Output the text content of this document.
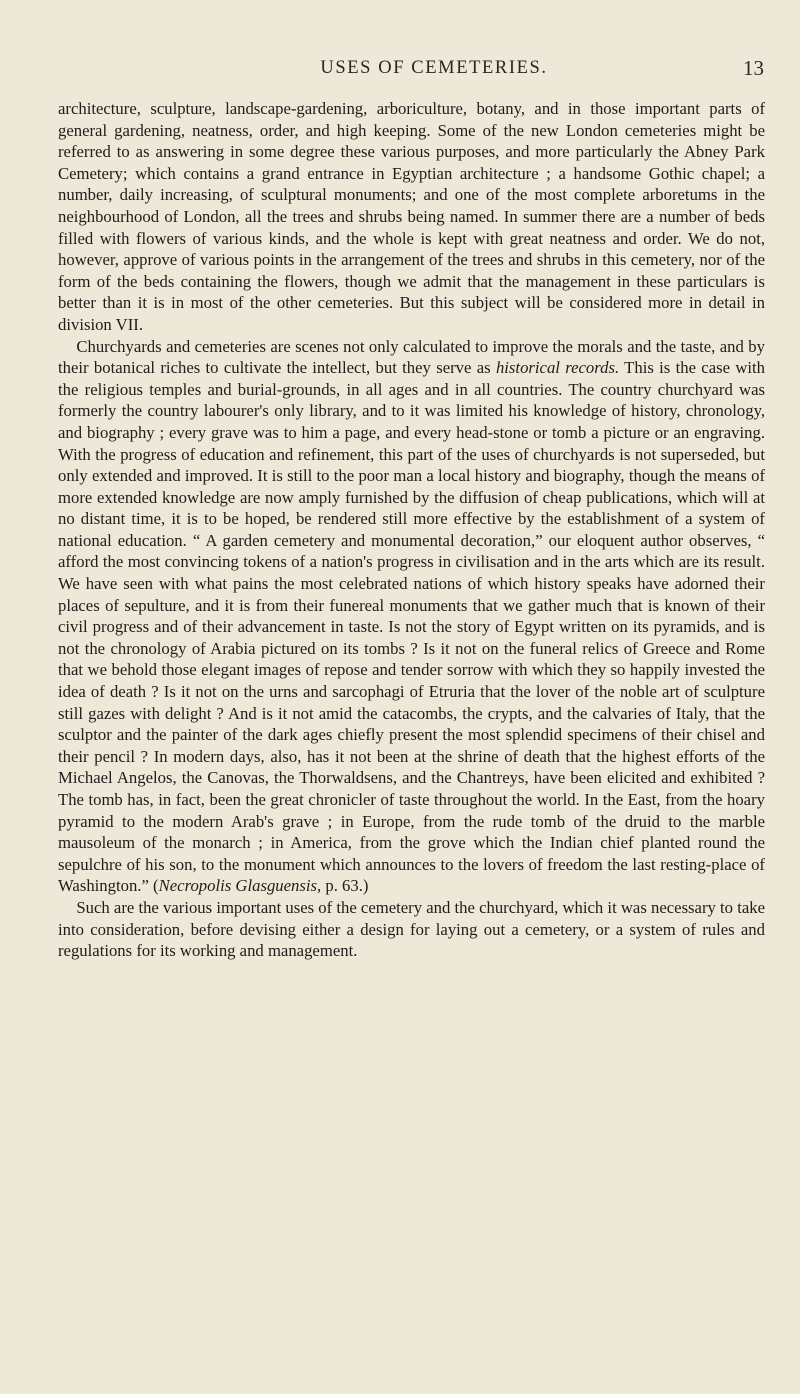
USES OF CEMETERIES.	13

architecture, sculpture, landscape-gardening, arboriculture, botany, and in those important parts of general gardening, neatness, order, and high keeping. Some of the new London cemeteries might be referred to as answering in some degree these various purposes, and more particularly the Abney Park Cemetery; which contains a grand entrance in Egyptian architecture ; a handsome Gothic chapel; a number, daily increasing, of sculptural monuments; and one of the most complete arboretums in the neighbourhood of London, all the trees and shrubs being named. In summer there are a number of beds filled with flowers of various kinds, and the whole is kept with great neatness and order. We do not, however, approve of various points in the arrangement of the trees and shrubs in this cemetery, nor of the form of the beds containing the flowers, though we admit that the management in these particulars is better than it is in most of the other cemeteries. But this subject will be considered more in detail in division VII.

Churchyards and cemeteries are scenes not only calculated to improve the morals and the taste, and by their botanical riches to cultivate the intellect, but they serve as historical records. This is the case with the religious temples and burial-grounds, in all ages and in all countries. The country churchyard was formerly the country labourer's only library, and to it was limited his knowledge of history, chronology, and biography ; every grave was to him a page, and every head-stone or tomb a picture or an engraving. With the progress of education and refinement, this part of the uses of churchyards is not superseded, but only extended and improved. It is still to the poor man a local history and biography, though the means of more extended knowledge are now amply furnished by the diffusion of cheap publications, which will at no distant time, it is to be hoped, be rendered still more effective by the establishment of a system of national education. “ A garden cemetery and monumental decoration,” our eloquent author observes, “ afford the most convincing tokens of a nation's progress in civilisation and in the arts which are its result. We have seen with what pains the most celebrated nations of which history speaks have adorned their places of sepulture, and it is from their funereal monuments that we gather much that is known of their civil progress and of their advancement in taste. Is not the story of Egypt written on its pyramids, and is not the chronology of Arabia pictured on its tombs ? Is it not on the funeral relics of Greece and Rome that we behold those elegant images of repose and tender sorrow with which they so happily invested the idea of death ? Is it not on the urns and sarcophagi of Etruria that the lover of the noble art of sculpture still gazes with delight ? And is it not amid the catacombs, the crypts, and the calvaries of Italy, that the sculptor and the painter of the dark ages chiefly present the most splendid specimens of their chisel and their pencil ? In modern days, also, has it not been at the shrine of death that the highest efforts of the Michael Angelos, the Canovas, the Thorwaldsens, and the Chantreys, have been elicited and exhibited ? The tomb has, in fact, been the great chronicler of taste throughout the world. In the East, from the hoary pyramid to the modern Arab's grave ; in Europe, from the rude tomb of the druid to the marble mausoleum of the monarch ; in America, from the grove which the Indian chief planted round the sepulchre of his son, to the monument which announces to the lovers of freedom the last resting-place of Washington.” (Necropolis Glasguensis, p. 63.)

Such are the various important uses of the cemetery and the churchyard, which it was necessary to take into consideration, before devising either a design for laying out a cemetery, or a system of rules and regulations for its working and management.
